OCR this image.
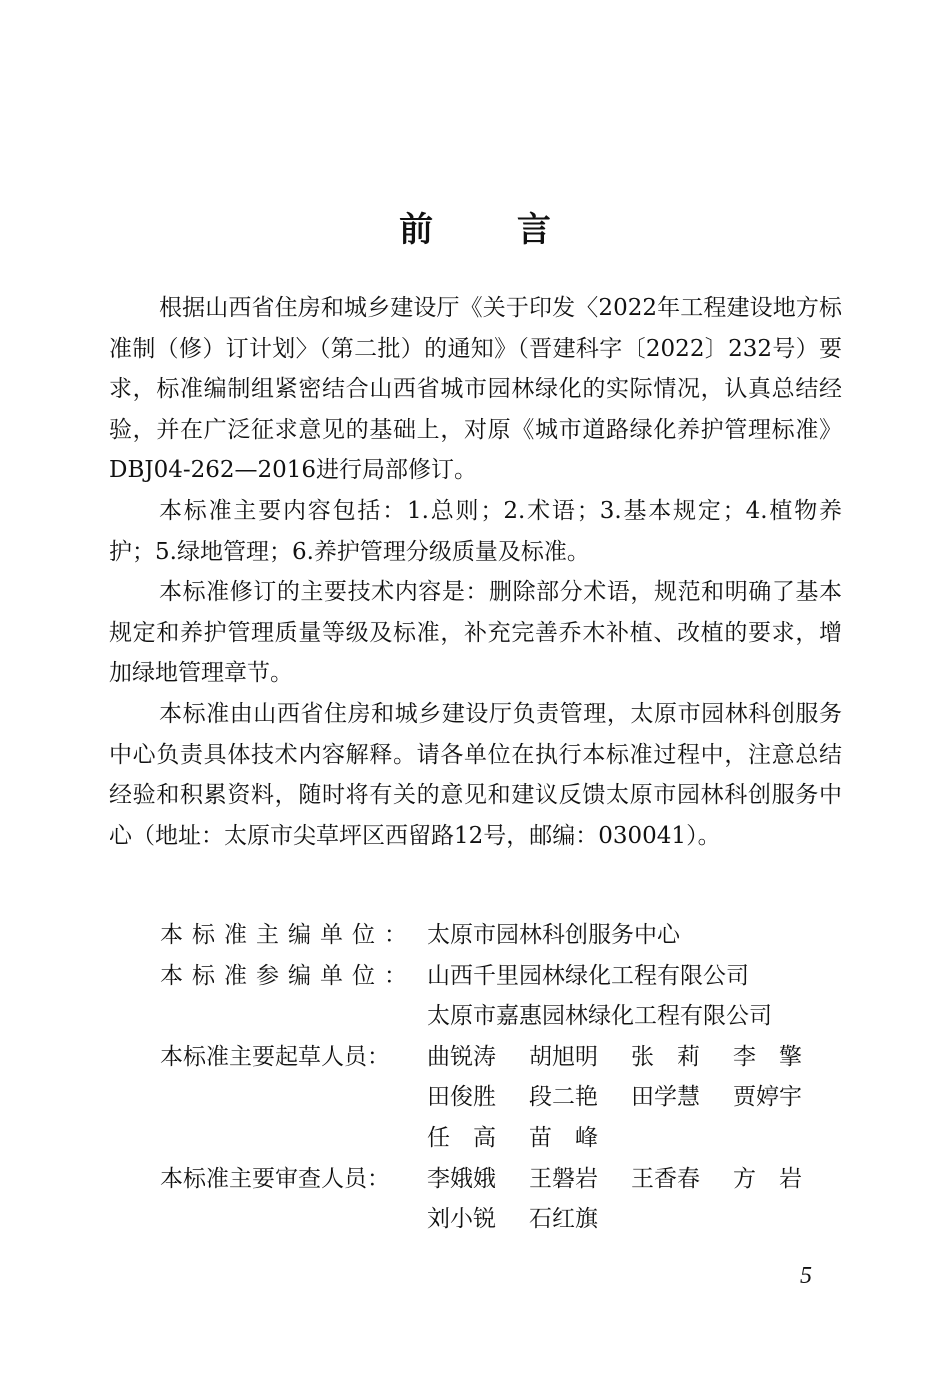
前 言

根据山西省住房和城乡建设厅《关于印发〈2022年工程建设地方标准制（修）订计划〉（第二批）的通知》（晋建科字〔2022〕232号）要求，标准编制组紧密结合山西省城市园林绿化的实际情况，认真总结经验，并在广泛征求意见的基础上，对原《城市道路绿化养护管理标准》DBJ04-262—2016进行局部修订。

本标准主要内容包括：1.总则；2.术语；3.基本规定；4.植物养护；5.绿地管理；6.养护管理分级质量及标准。

本标准修订的主要技术内容是：删除部分术语，规范和明确了基本规定和养护管理质量等级及标准，补充完善乔木补植、改植的要求，增加绿地管理章节。

本标准由山西省住房和城乡建设厅负责管理，太原市园林科创服务中心负责具体技术内容解释。请各单位在执行本标准过程中，注意总结经验和积累资料，随时将有关的意见和建议反馈太原市园林科创服务中心（地址：太原市尖草坪区西留路12号，邮编：030041）。

本标准主编单位： 太原市园林科创服务中心
本标准参编单位： 山西千里园林绿化工程有限公司
太原市嘉惠园林绿化工程有限公司
本标准主要起草人员：	曲锐涛	胡旭明	张莉 李擎
田俊胜	段二艳	田学慧	贾婷宇
任高 苗峰
本标准主要审查人员：	李娥娥	王磐岩	王香春	方岩
刘小锐	石红旗
5
